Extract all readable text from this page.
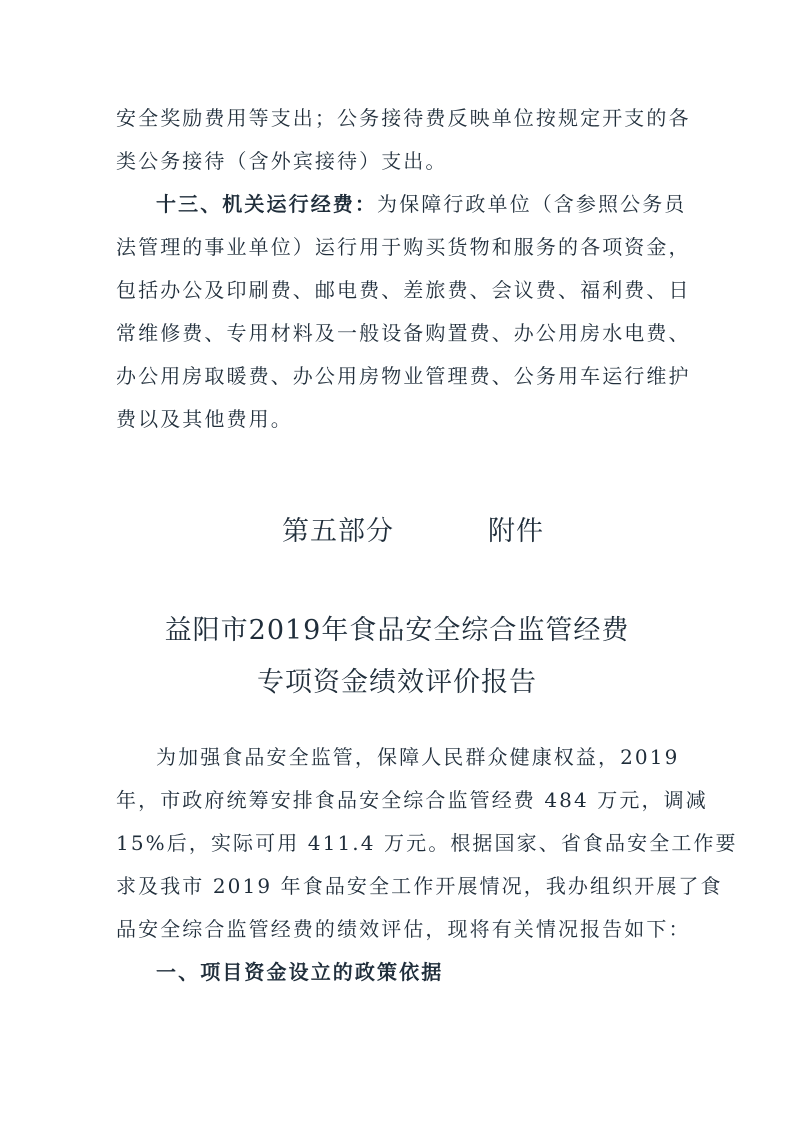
安全奖励费用等支出；公务接待费反映单位按规定开支的各
类公务接待（含外宾接待）支出。
十三、机关运行经费：为保障行政单位（含参照公务员
法管理的事业单位）运行用于购买货物和服务的各项资金，
包括办公及印刷费、邮电费、差旅费、会议费、福利费、日
常维修费、专用材料及一般设备购置费、办公用房水电费、
办公用房取暖费、办公用房物业管理费、公务用车运行维护
费以及其他费用。
第五部分	附件
益阳市2019年食品安全综合监管经费
专项资金绩效评价报告
为加强食品安全监管，保障人民群众健康权益，2019
年，市政府统筹安排食品安全综合监管经费 484 万元，调减
15%后，实际可用 411.4 万元。根据国家、省食品安全工作要
求及我市 2019 年食品安全工作开展情况，我办组织开展了食
品安全综合监管经费的绩效评估，现将有关情况报告如下：
一、项目资金设立的政策依据
